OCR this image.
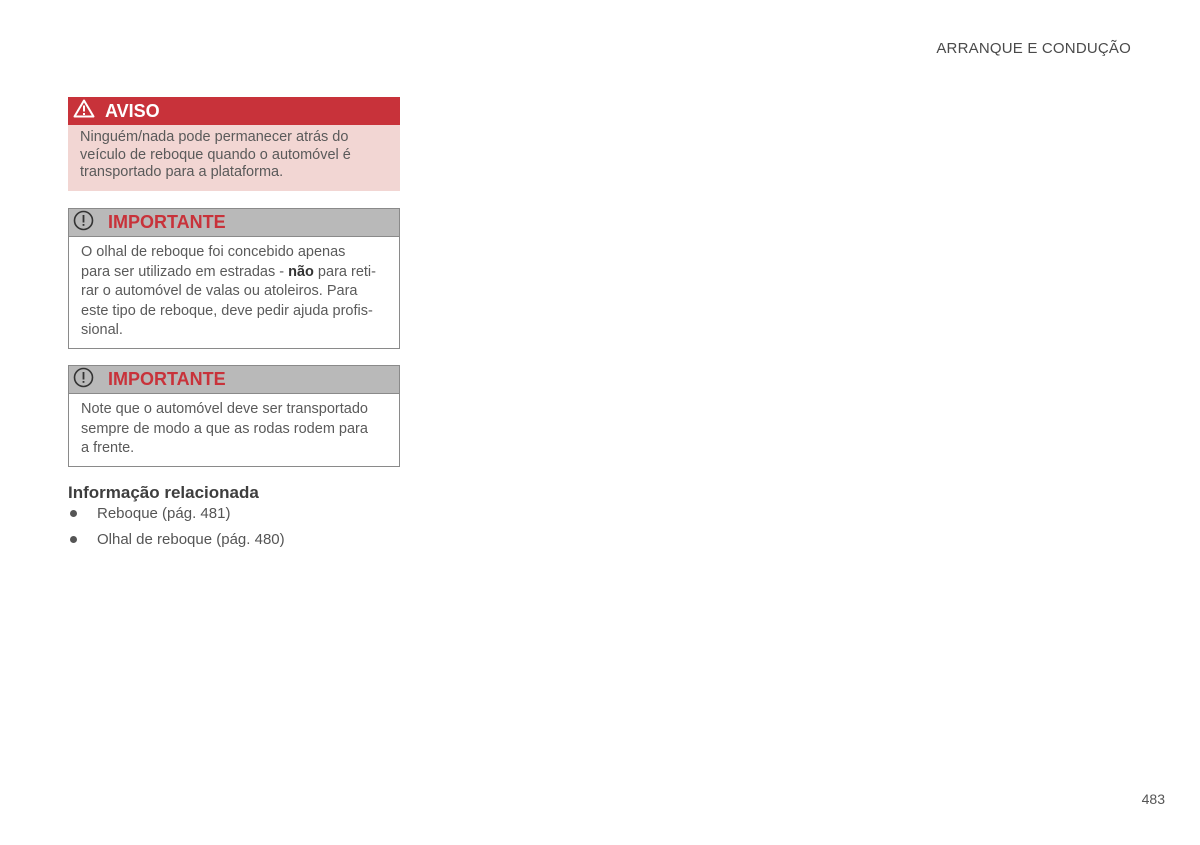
ARRANQUE E CONDUÇÃO
AVISO
Ninguém/nada pode permanecer atrás do
veículo de reboque quando o automóvel é
transportado para a plataforma.
IMPORTANTE
O olhal de reboque foi concebido apenas
para ser utilizado em estradas - não para reti-
rar o automóvel de valas ou atoleiros. Para
este tipo de reboque, deve pedir ajuda profis-
sional.
IMPORTANTE
Note que o automóvel deve ser transportado
sempre de modo a que as rodas rodem para
a frente.
Informação relacionada
Reboque (pág. 481)
Olhal de reboque (pág. 480)
483
